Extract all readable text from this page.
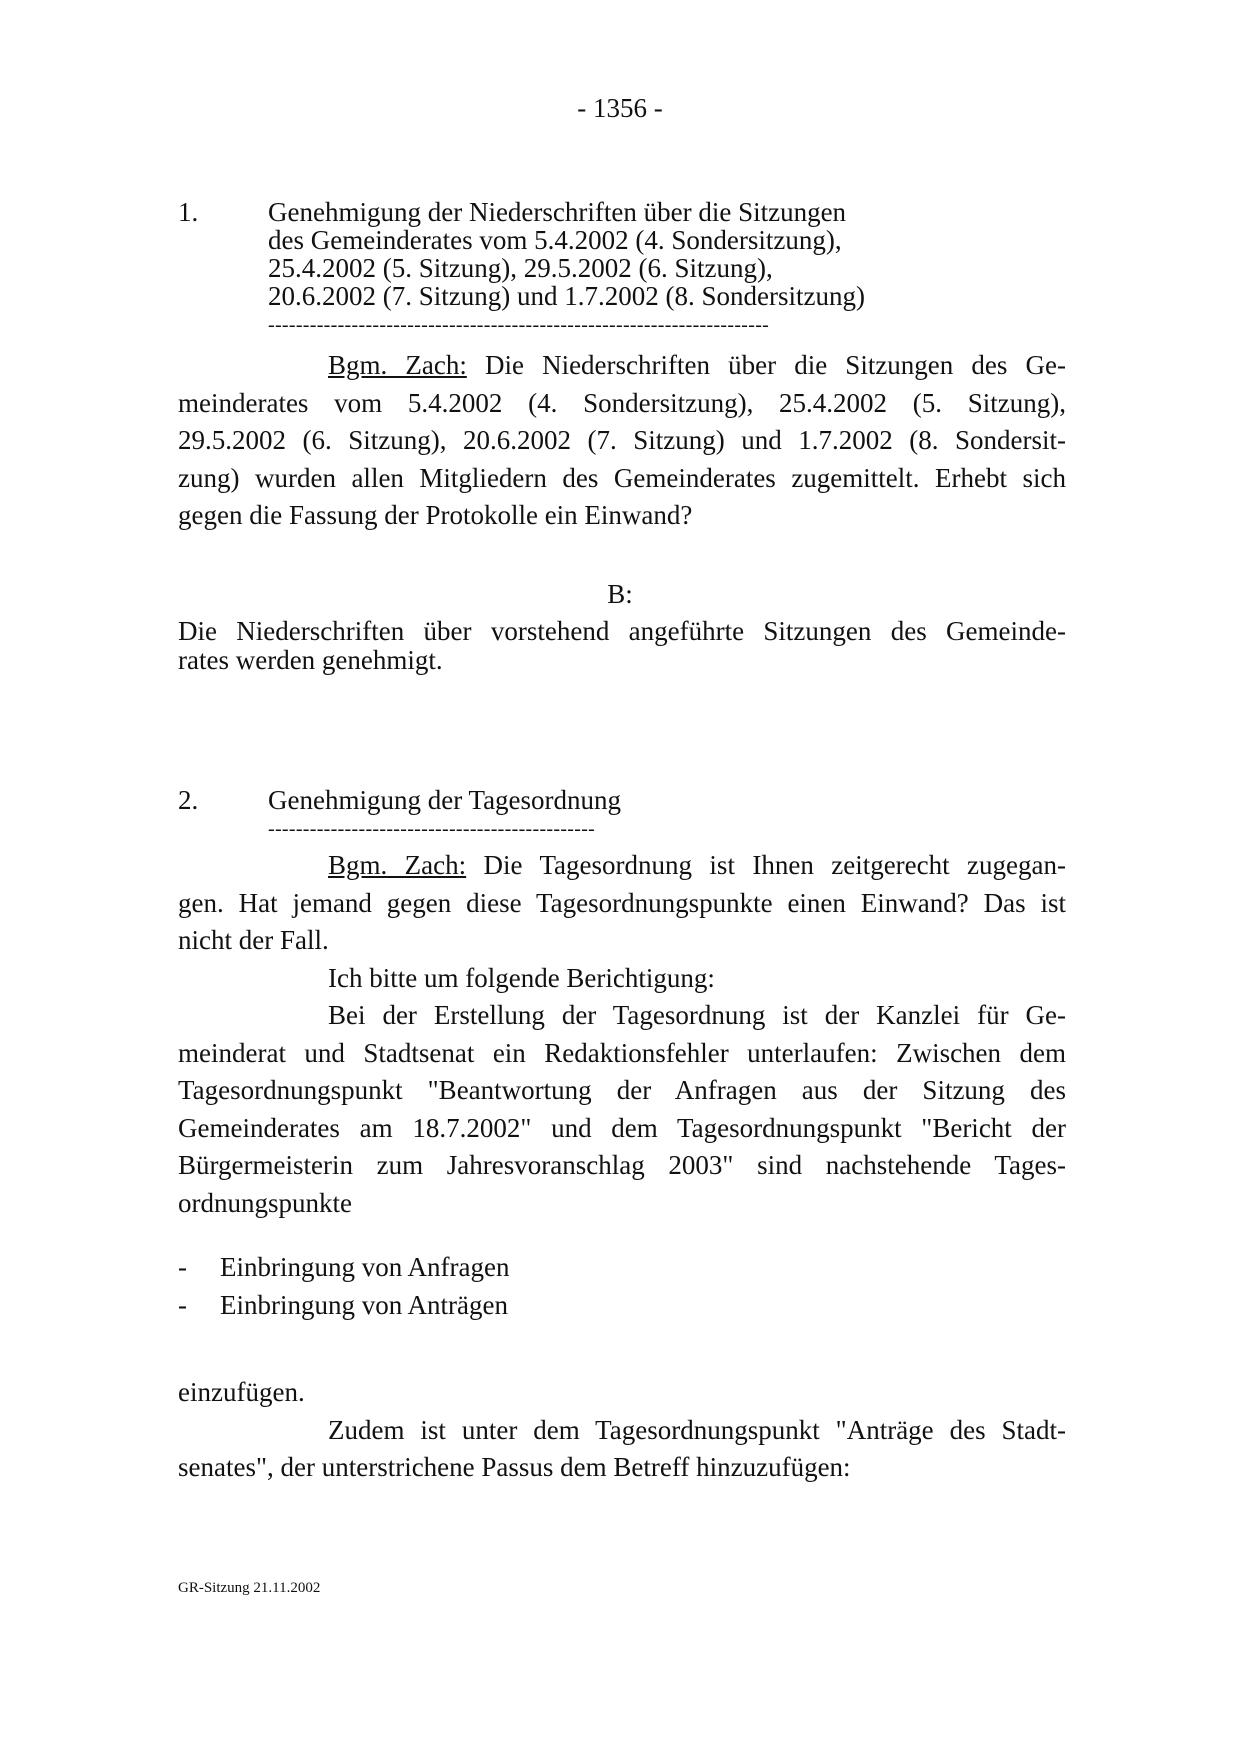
- 1356 -
1.	Genehmigung der Niederschriften über die Sitzungen
des Gemeinderates vom 5.4.2002 (4. Sondersitzung),
25.4.2002 (5. Sitzung), 29.5.2002 (6. Sitzung),
20.6.2002 (7. Sitzung) und 1.7.2002 (8. Sondersitzung)
------------------------------------------------------------------------
Bgm. Zach: Die Niederschriften über die Sitzungen des Ge-
meinderates vom 5.4.2002 (4. Sondersitzung), 25.4.2002 (5. Sitzung),
29.5.2002 (6. Sitzung), 20.6.2002 (7. Sitzung) und 1.7.2002 (8. Sondersit-
zung) wurden allen Mitgliedern des Gemeinderates zugemittelt. Erhebt sich
gegen die Fassung der Protokolle ein Einwand?
B:
Die Niederschriften über vorstehend angeführte Sitzungen des Gemeinde-
rates werden genehmigt.
2.	Genehmigung der Tagesordnung
-----------------------------------------------
Bgm. Zach: Die Tagesordnung ist Ihnen zeitgerecht zugegan-
gen. Hat jemand gegen diese Tagesordnungspunkte einen Einwand? Das ist
nicht der Fall.
Ich bitte um folgende Berichtigung:
Bei der Erstellung der Tagesordnung ist der Kanzlei für Ge-
meinderat und Stadtsenat ein Redaktionsfehler unterlaufen: Zwischen dem
Tagesordnungspunkt "Beantwortung der Anfragen aus der Sitzung des
Gemeinderates am 18.7.2002" und dem Tagesordnungspunkt "Bericht der
Bürgermeisterin zum Jahresvoranschlag 2003" sind nachstehende Tages-
ordnungspunkte
- Einbringung von Anfragen
- Einbringung von Anträgen
einzufügen.
Zudem ist unter dem Tagesordnungspunkt "Anträge des Stadt-
senates", der unterstrichene Passus dem Betreff hinzuzufügen:
GR-Sitzung 21.11.2002
